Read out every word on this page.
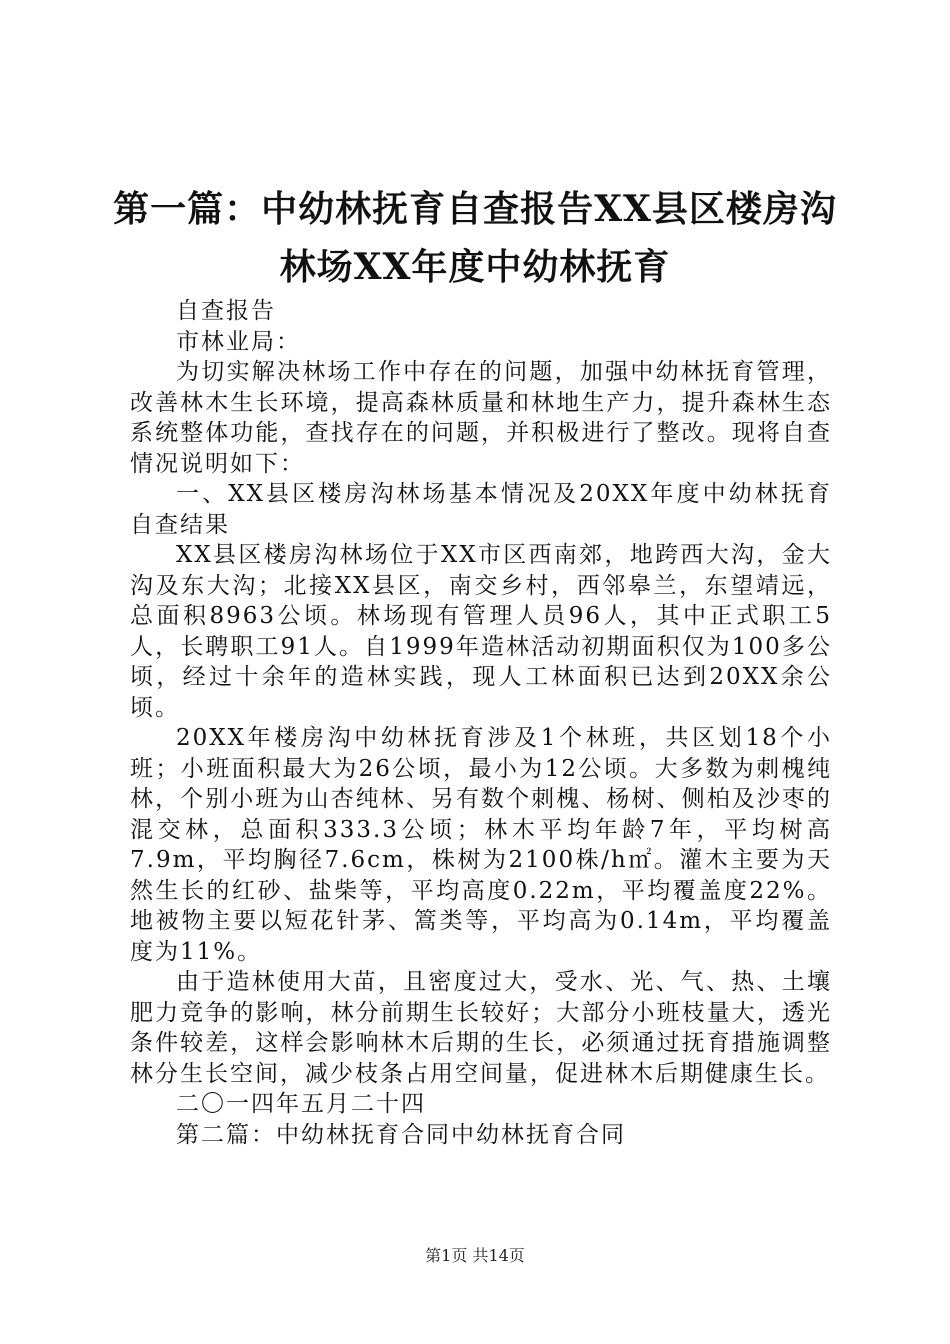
第一篇：中幼林抚育自查报告XX县区楼房沟
林场XX年度中幼林抚育

自查报告

市林业局：

为切实解决林场工作中存在的问题，加强中幼林抚育管理，改善林木生长环境，提高森林质量和林地生产力，提升森林生态系统整体功能，查找存在的问题，并积极进行了整改。现将自查情况说明如下：

一、XX县区楼房沟林场基本情况及20XX年度中幼林抚育自查结果

XX县区楼房沟林场位于XX市区西南郊，地跨西大沟，金大沟及东大沟；北接XX县区，南交乡村，西邻皋兰，东望靖远，总面积8963公顷。林场现有管理人员96人，其中正式职工5人，长聘职工91人。自1999年造林活动初期面积仅为100多公顷，经过十余年的造林实践，现人工林面积已达到20XX余公顷。

20XX年楼房沟中幼林抚育涉及1个林班，共区划18个小班；小班面积最大为26公顷，最小为12公顷。大多数为刺槐纯林，个别小班为山杏纯林、另有数个刺槐、杨树、侧柏及沙枣的混交林，总面积333.3公顷；林木平均年龄7年，平均树高7.9m，平均胸径7.6cm，株树为2100株/h㎡。灌木主要为天然生长的红砂、盐柴等，平均高度0.22m，平均覆盖度22%。地被物主要以短花针茅、篙类等，平均高为0.14m，平均覆盖度为11%。

由于造林使用大苗，且密度过大，受水、光、气、热、土壤肥力竞争的影响，林分前期生长较好；大部分小班枝量大，透光条件较差，这样会影响林木后期的生长，必须通过抚育措施调整林分生长空间，减少枝条占用空间量，促进林木后期健康生长。

二〇一四年五月二十四

第二篇：中幼林抚育合同中幼林抚育合同

第1页 共14页
